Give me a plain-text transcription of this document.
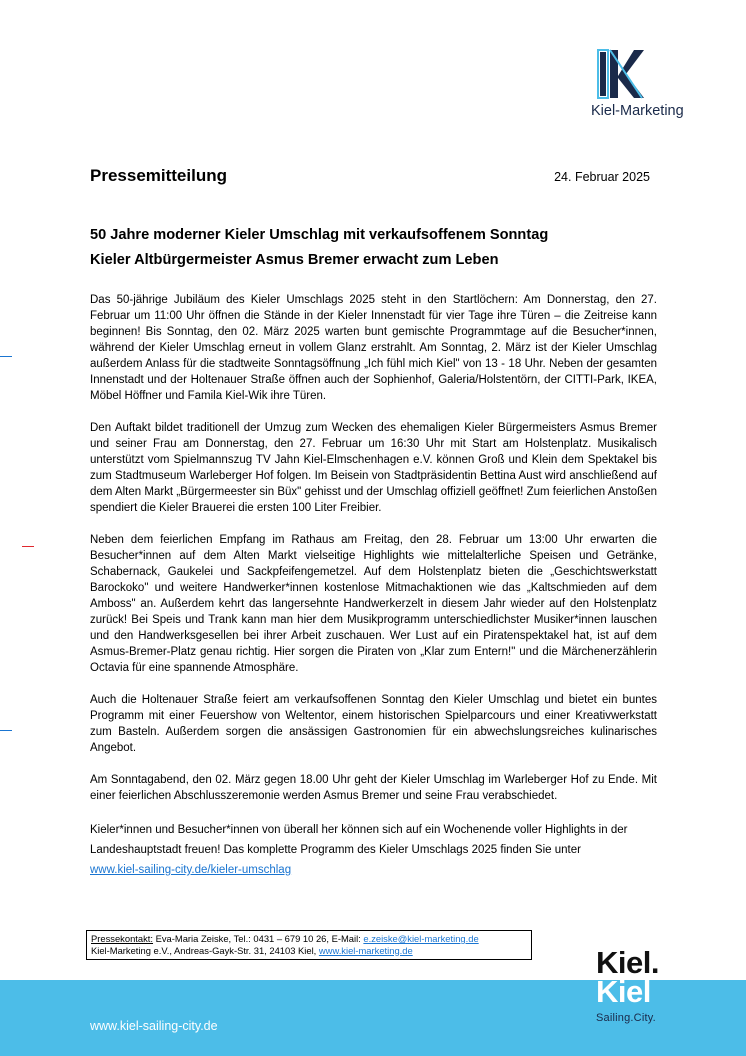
Kiel-Marketing
Pressemitteilung	24. Februar 2025
50 Jahre moderner Kieler Umschlag mit verkaufsoffenem Sonntag
Kieler Altbürgermeister Asmus Bremer erwacht zum Leben

Das 50-jährige Jubiläum des Kieler Umschlags 2025 steht in den Startlöchern: Am Donnerstag, den 27. Februar um 11:00 Uhr öffnen die Stände in der Kieler Innenstadt für vier Tage ihre Türen – die Zeitreise kann beginnen! Bis Sonntag, den 02. März 2025 warten bunt gemischte Programmtage auf die Besucher*innen, während der Kieler Umschlag erneut in vollem Glanz erstrahlt. Am Sonntag, 2. März ist der Kieler Umschlag außerdem Anlass für die stadtweite Sonntagsöffnung „Ich fühl mich Kiel" von 13 - 18 Uhr. Neben der gesamten Innenstadt und der Holtenauer Straße öffnen auch der Sophienhof, Galeria/Holstentörn, der CITTI-Park, IKEA, Möbel Höffner und Famila Kiel-Wik ihre Türen.

Den Auftakt bildet traditionell der Umzug zum Wecken des ehemaligen Kieler Bürgermeisters Asmus Bremer und seiner Frau am Donnerstag, den 27. Februar um 16:30 Uhr mit Start am Holstenplatz. Musikalisch unterstützt vom Spielmannszug TV Jahn Kiel-Elmschenhagen e.V. können Groß und Klein dem Spektakel bis zum Stadtmuseum Warleberger Hof folgen. Im Beisein von Stadtpräsidentin Bettina Aust wird anschließend auf dem Alten Markt „Bürgermeester sin Büx" gehisst und der Umschlag offiziell geöffnet! Zum feierlichen Anstoßen spendiert die Kieler Brauerei die ersten 100 Liter Freibier.

Neben dem feierlichen Empfang im Rathaus am Freitag, den 28. Februar um 13:00 Uhr erwarten die Besucher*innen auf dem Alten Markt vielseitige Highlights wie mittelalterliche Speisen und Getränke, Schabernack, Gaukelei und Sackpfeifengemetzel. Auf dem Holstenplatz bieten die „Geschichtswerkstatt Barockoko" und weitere Handwerker*innen kostenlose Mitmachaktionen wie das „Kaltschmieden auf dem Amboss" an. Außerdem kehrt das langersehnte Handwerkerzelt in diesem Jahr wieder auf den Holstenplatz zurück! Bei Speis und Trank kann man hier dem Musikprogramm unterschiedlichster Musiker*innen lauschen und den Handwerksgesellen bei ihrer Arbeit zuschauen. Wer Lust auf ein Piratenspektakel hat, ist auf dem Asmus-Bremer-Platz genau richtig. Hier sorgen die Piraten von „Klar zum Entern!" und die Märchenerzählerin Octavia für eine spannende Atmosphäre.

Auch die Holtenauer Straße feiert am verkaufsoffenen Sonntag den Kieler Umschlag und bietet ein buntes Programm mit einer Feuershow von Weltentor, einem historischen Spielparcours und einer Kreativwerkstatt zum Basteln. Außerdem sorgen die ansässigen Gastronomien für ein abwechslungsreiches kulinarisches Angebot.

Am Sonntagabend, den 02. März gegen 18.00 Uhr geht der Kieler Umschlag im Warleberger Hof zu Ende. Mit einer feierlichen Abschlusszeremonie werden Asmus Bremer und seine Frau verabschiedet.

Kieler*innen und Besucher*innen von überall her können sich auf ein Wochenende voller Highlights in der Landeshauptstadt freuen! Das komplette Programm des Kieler Umschlags 2025 finden Sie unter
www.kiel-sailing-city.de/kieler-umschlag

Pressekontakt: Eva-Maria Zeiske, Tel.: 0431 – 679 10 26, E-Mail: e.zeiske@kiel-marketing.de
Kiel-Marketing e.V., Andreas-Gayk-Str. 31, 24103 Kiel, www.kiel-marketing.de
www.kiel-sailing-city.de
Kiel.
Kiel
Sailing.City.
